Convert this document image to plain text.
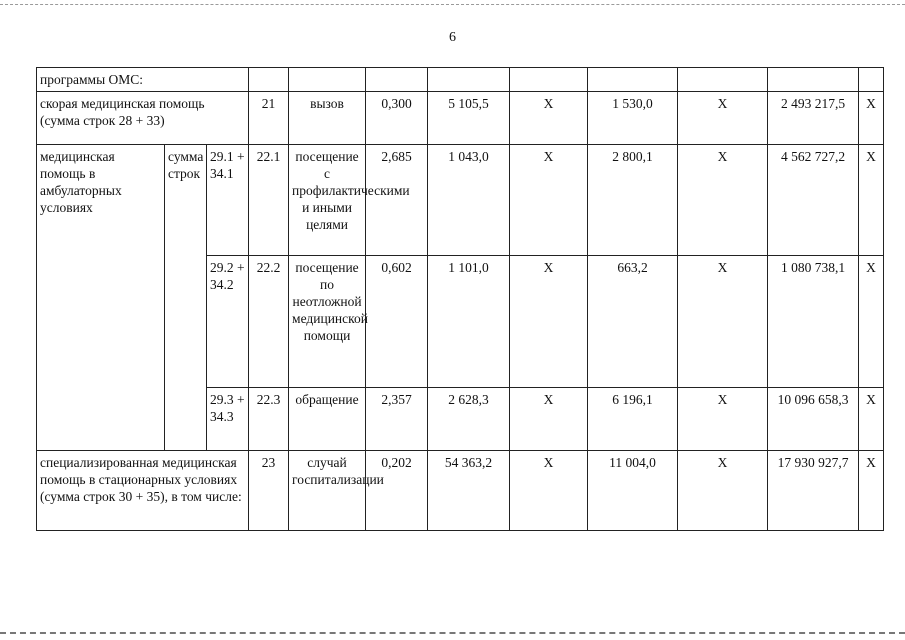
6
программы ОМС:											
скорая медицинская помощь (сумма строк 28 + 33)			21	вызов	0,300	5 105,5	X	1 530,0	X	2 493 217,5	X
медицинская помощь в амбулаторных условиях	сумма строк	29.1 + 34.1	22.1	посещение с профилактическими и иными целями	2,685	1 043,0	X	2 800,1	X	4 562 727,2	X
		29.2 + 34.2	22.2	посещение по неотложной медицинской помощи	0,602	1 101,0	X	663,2	X	1 080 738,1	X
		29.3 + 34.3	22.3	обращение	2,357	2 628,3	X	6 196,1	X	10 096 658,3	X
специализированная медицинская помощь в стационарных условиях (сумма строк 30 + 35), в том числе:			23	случай госпитализации	0,202	54 363,2	X	11 004,0	X	17 930 927,7	X
